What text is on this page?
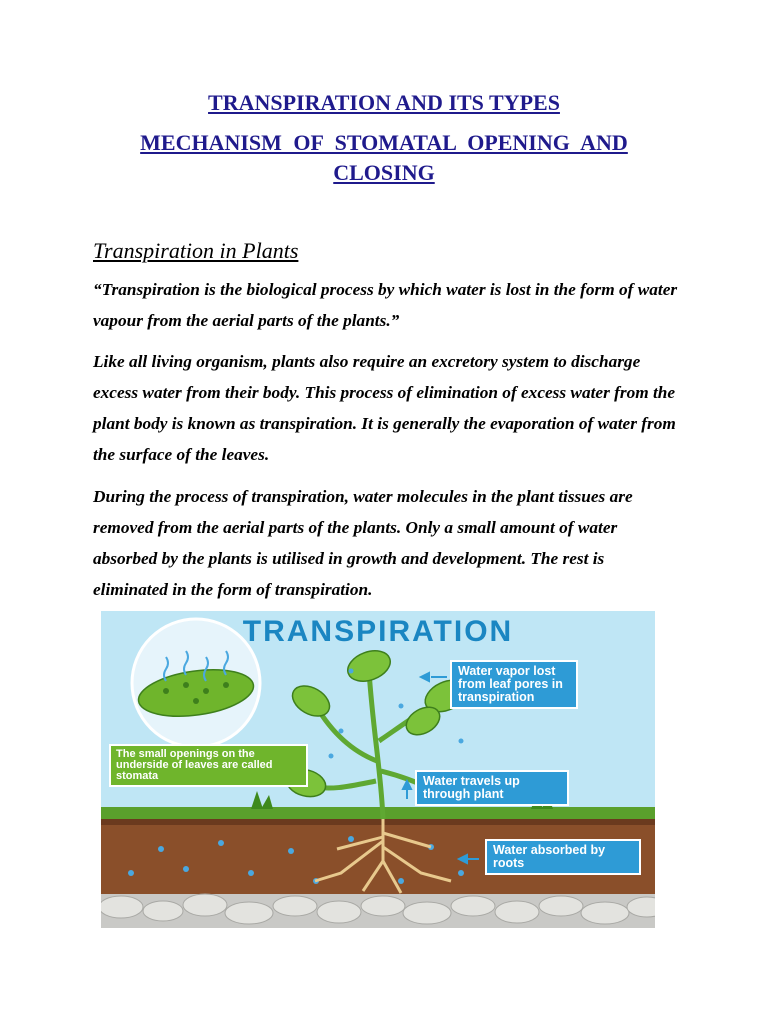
TRANSPIRATION AND ITS TYPES
MECHANISM OF STOMATAL OPENING AND
CLOSING
Transpiration in Plants

“Transpiration is the biological process by which water is lost in the form of water vapour from the aerial parts of the plants.”

Like all living organism, plants also require an excretory system to discharge excess water from their body. This process of elimination of excess water from the plant body is known as transpiration. It is generally the evaporation of water from the surface of the leaves.

During the process of transpiration, water molecules in the plant tissues are removed from the aerial parts of the plants. Only a small amount of water absorbed by the plants is utilised in growth and development. The rest is eliminated in the form of transpiration.

TRANSPIRATION
Water vapor lost from leaf pores in transpiration
Water travels up through plant
Water absorbed by roots
The small openings on the underside of leaves are called stomata
